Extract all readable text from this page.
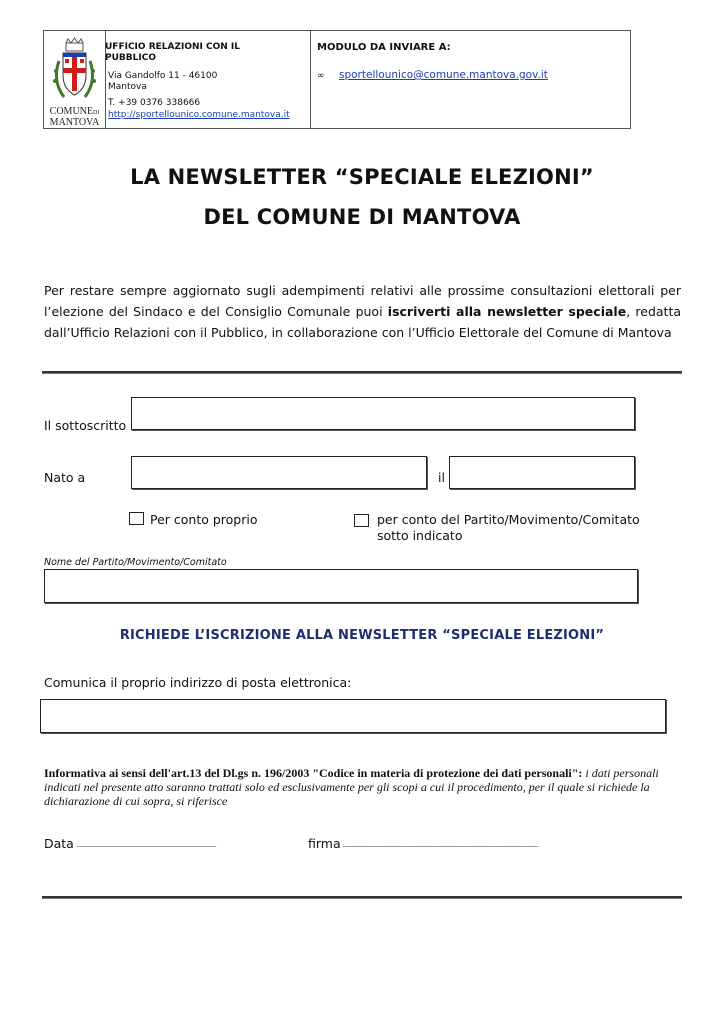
COMUNEDI
MANTOVA
UFFICIO RELAZIONI CON IL PUBBLICO
Via Gandolfo 11 - 46100 Mantova
T. +39 0376 338666
http://sportellounico.comune.mantova.it
MODULO DA INVIARE A:
∞ sportellounico@comune.mantova.gov.it
LA NEWSLETTER “SPECIALE ELEZIONI”
DEL COMUNE DI MANTOVA
Per restare sempre aggiornato sugli adempimenti relativi alle prossime consultazioni elettorali per l’elezione del Sindaco e del Consiglio Comunale puoi iscriverti alla newsletter speciale, redatta dall’Ufficio Relazioni con il Pubblico, in collaborazione con l’Ufficio Elettorale del Comune di Mantova
Il sottoscritto
Nato a	il
Per conto proprio	per conto del Partito/Movimento/Comitato
sotto indicato
Nome del Partito/Movimento/Comitato
RICHIEDE L’ISCRIZIONE ALLA NEWSLETTER “SPECIALE ELEZIONI”
Comunica il proprio indirizzo di posta elettronica:
Informativa ai sensi dell'art.13 del Dl.gs n. 196/2003 "Codice in materia di protezione dei dati personali": i dati personali indicati nel presente atto saranno trattati solo ed esclusivamente per gli scopi a cui il procedimento, per il quale si richiede la dichiarazione di cui sopra, si riferisce
Data ___________________________	firma __________________________________________
